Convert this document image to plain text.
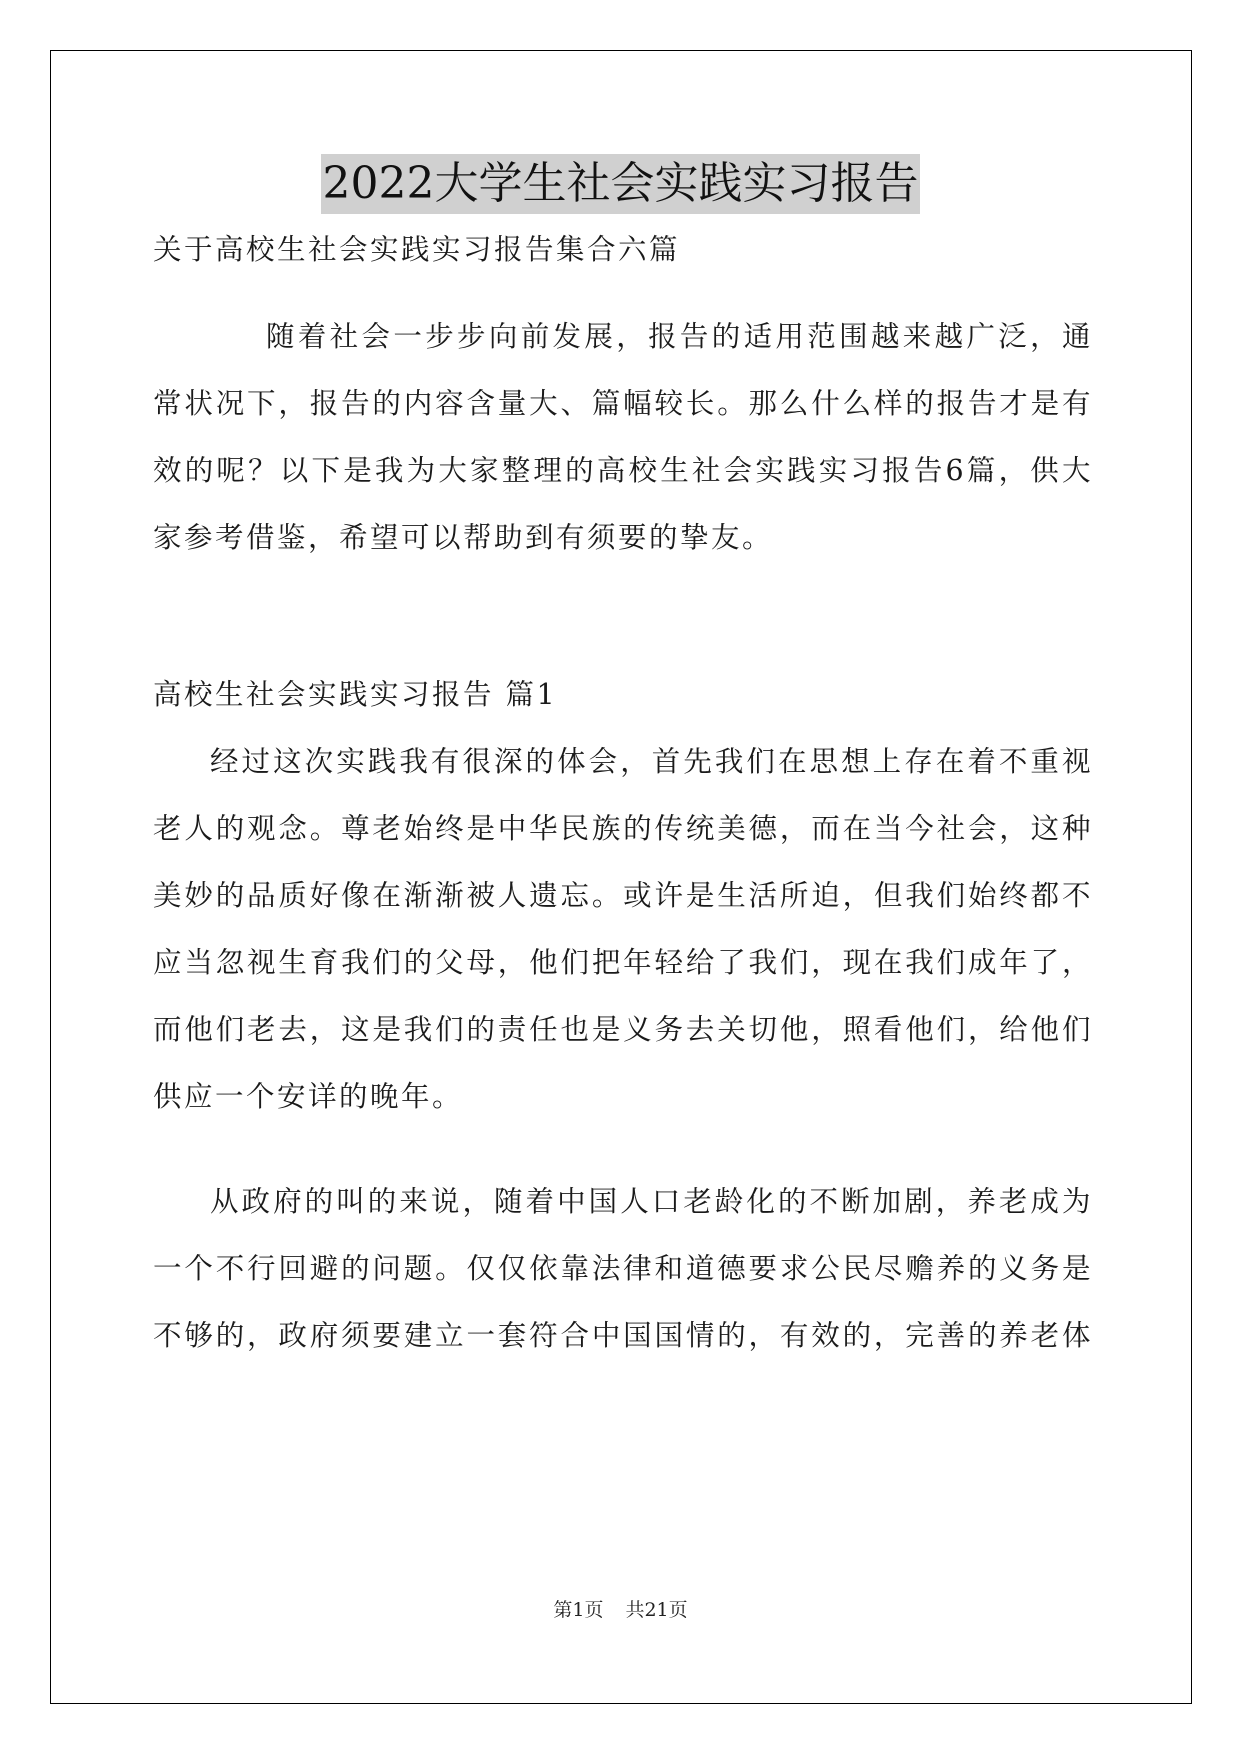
2022大学生社会实践实习报告
关于高校生社会实践实习报告集合六篇
随着社会一步步向前发展，报告的适用范围越来越广泛，通
常状况下，报告的内容含量大、篇幅较长。那么什么样的报告才是有
效的呢？以下是我为大家整理的高校生社会实践实习报告6篇，供大
家参考借鉴，希望可以帮助到有须要的挚友。
高校生社会实践实习报告 篇1
经过这次实践我有很深的体会，首先我们在思想上存在着不重视
老人的观念。尊老始终是中华民族的传统美德，而在当今社会，这种
美妙的品质好像在渐渐被人遗忘。或许是生活所迫，但我们始终都不
应当忽视生育我们的父母，他们把年轻给了我们，现在我们成年了，
而他们老去，这是我们的责任也是义务去关切他，照看他们，给他们
供应一个安详的晚年。
从政府的叫的来说，随着中国人口老龄化的不断加剧，养老成为
一个不行回避的问题。仅仅依靠法律和道德要求公民尽赡养的义务是
不够的，政府须要建立一套符合中国国情的，有效的，完善的养老体
第1页 共21页
